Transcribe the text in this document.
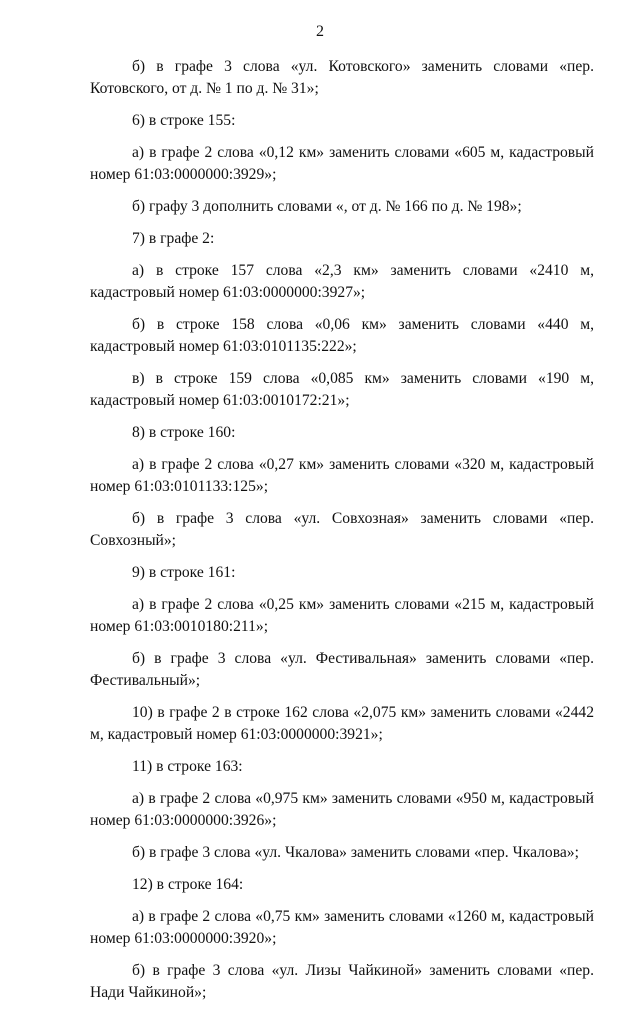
2

б) в графе 3 слова «ул. Котовского» заменить словами «пер. Котовского, от д. № 1 по д. № 31»;

6) в строке 155:

а) в графе 2 слова «0,12 км» заменить словами «605 м, кадастровый номер 61:03:0000000:3929»;

б) графу 3 дополнить словами «, от д. № 166 по д. № 198»;

7) в графе 2:

а) в строке 157 слова «2,3 км» заменить словами «2410 м, кадастровый номер 61:03:0000000:3927»;

б) в строке 158 слова «0,06 км» заменить словами «440 м, кадастровый номер 61:03:0101135:222»;

в) в строке 159 слова «0,085 км» заменить словами «190 м, кадастровый номер 61:03:0010172:21»;

8) в строке 160:

а) в графе 2 слова «0,27 км» заменить словами «320 м, кадастровый номер 61:03:0101133:125»;

б) в графе 3 слова «ул. Совхозная» заменить словами «пер. Совхозный»;

9) в строке 161:

а) в графе 2 слова «0,25 км» заменить словами «215 м, кадастровый номер 61:03:0010180:211»;

б) в графе 3 слова «ул. Фестивальная» заменить словами «пер. Фестивальный»;

10) в графе 2 в строке 162 слова «2,075 км» заменить словами «2442 м, кадастровый номер 61:03:0000000:3921»;

11) в строке 163:

а) в графе 2 слова «0,975 км» заменить словами «950 м, кадастровый номер 61:03:0000000:3926»;

б) в графе 3 слова «ул. Чкалова» заменить словами «пер. Чкалова»;

12) в строке 164:

а) в графе 2 слова «0,75 км» заменить словами «1260 м, кадастровый номер 61:03:0000000:3920»;

б) в графе 3 слова «ул. Лизы Чайкиной» заменить словами «пер. Нади Чайкиной»;
